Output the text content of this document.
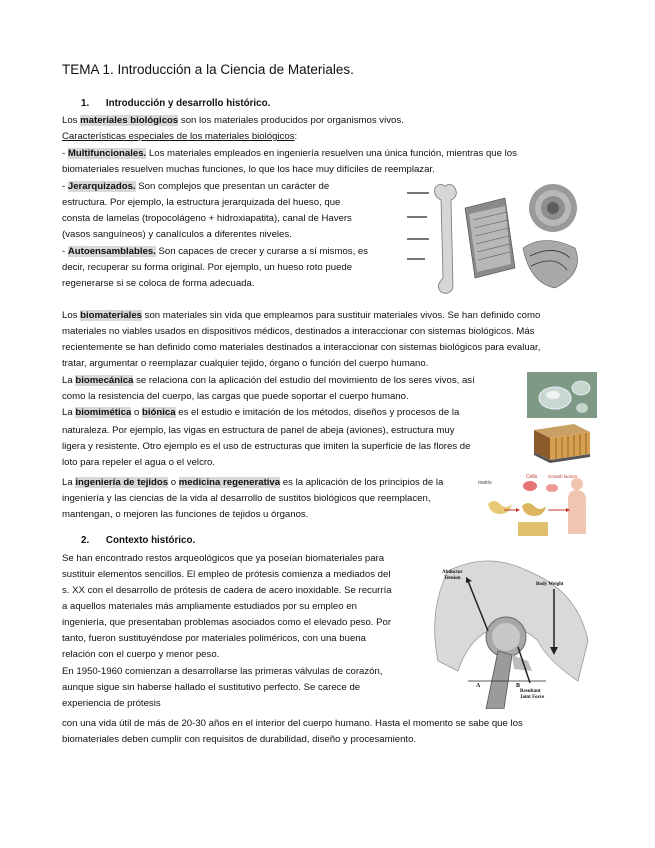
TEMA 1. Introducción a la Ciencia de Materiales.
1. Introducción y desarrollo histórico.
Los materiales biológicos son los materiales producidos por organismos vivos.
Características especiales de los materiales biológicos:
- Multifuncionales. Los materiales empleados en ingeniería resuelven una única función, mientras que los
biomateriales resuelven muchas funciones, lo que los hace muy difíciles de reemplazar.
- Jerarquizados. Son complejos que presentan un carácter de
estructura. Por ejemplo, la estructura jerarquizada del hueso, que
consta de lamelas (tropocolágeno + hidroxiapatita), canal de Havers
(vasos sanguíneos) y canalículos a diferentes niveles.
- Autoensamblables. Son capaces de crecer y curarse a sí mismos, es
decir, recuperar su forma original. Por ejemplo, un hueso roto puede
regenerarse si se coloca de forma adecuada.
Los biomateriales son materiales sin vida que empleamos para sustituir materiales vivos. Se han definido como
materiales no viables usados en dispositivos médicos, destinados a interaccionar con sistemas biológicos. Más
recientemente se han definido como materiales destinados a interaccionar con sistemas biológicos para evaluar,
tratar, argumentar o reemplazar cualquier tejido, órgano o función del cuerpo humano.
La biomecánica se relaciona con la aplicación del estudio del movimiento de los seres vivos, así
como la resistencia del cuerpo, las cargas que puede soportar el cuerpo humano.
La biomimética o biónica es el estudio e imitación de los métodos, diseños y procesos de la
naturaleza. Por ejemplo, las vigas en estructura de panel de abeja (aviones), estructura muy
ligera y resistente. Otro ejemplo es el uso de estructuras que imiten la superficie de las flores de
loto para repeler el agua o el velcro.
La ingeniería de tejidos o medicina regenerativa es la aplicación de los principios de la
ingeniería y las ciencias de la vida al desarrollo de sustitos biológicos que reemplacen,
mantengan, o mejoren las funciones de tejidos u órganos.
matrix
Cells Growth factors
2. Contexto histórico.
Se han encontrado restos arqueológicos que ya poseían biomateriales para
sustituir elementos sencillos. El empleo de prótesis comienza a mediados del
s. XX con el desarrollo de prótesis de cadera de acero inoxidable. Se recurría
a aquellos materiales más ampliamente estudiados por su empleo en
ingeniería, que presentaban problemas asociados como el elevado peso. Por
tanto, fueron sustituyéndose por materiales poliméricos, con una buena
relación con el cuerpo y menor peso.
En 1950-1960 comienzan a desarrollarse las primeras válvulas de corazón,
aunque sigue sin haberse hallado el sustitutivo perfecto. Se carece de
experiencia de prótesis
con una vida útil de más de 20-30 años en el interior del cuerpo humano. Hasta el momento se sabe que los
biomateriales deben cumplir con requisitos de durabilidad, diseño y procesamiento.
Abductor
Tension
Body Weight
Resultant
Joint Force
A	B
